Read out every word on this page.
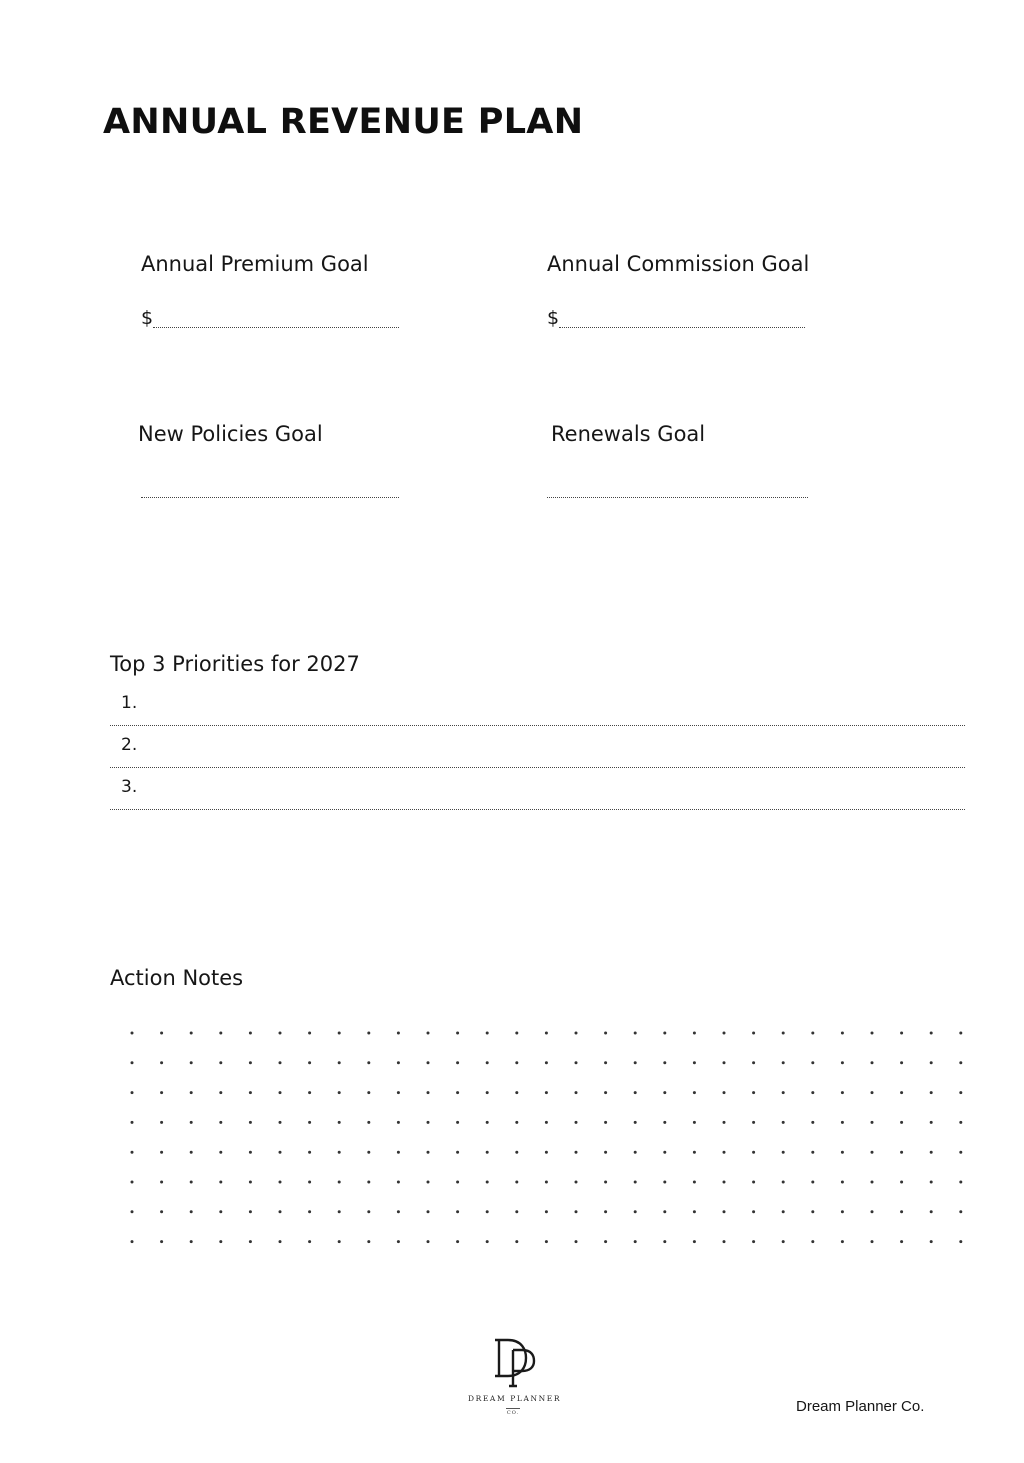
ANNUAL REVENUE PLAN
Annual Premium Goal
$
Annual Commission Goal
$
New Policies Goal	Renewals Goal
Top 3 Priorities for 2027
1.
2.
3.
Action Notes
DREAM PLANNER
CO.	Dream Planner Co.
